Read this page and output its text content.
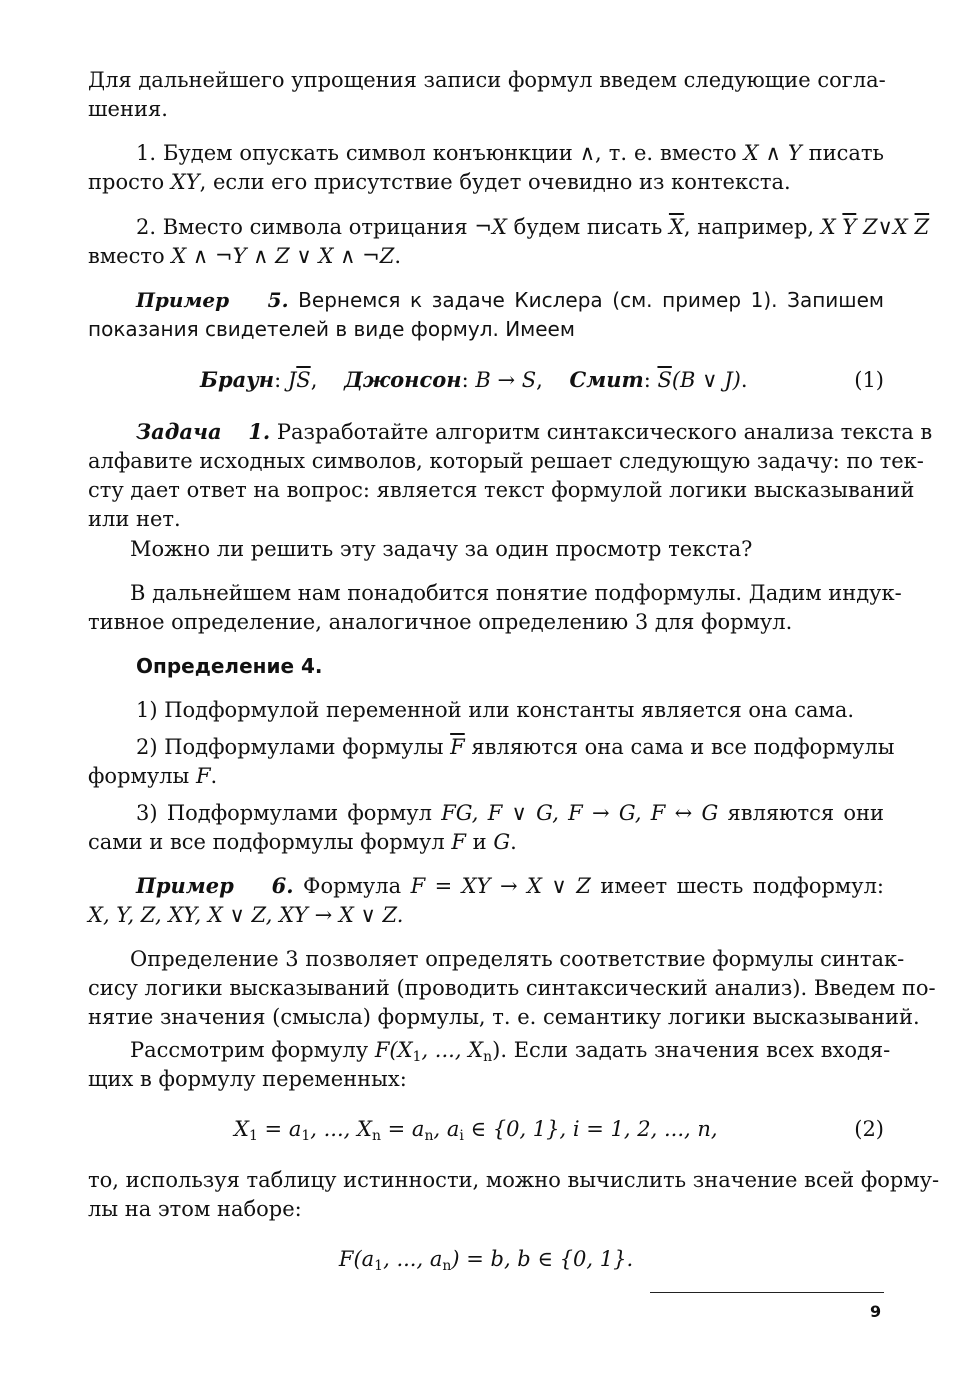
Для дальнейшего упрощения записи формул введем следующие согла-
шения.
1. Будем опускать символ конъюнкции ∧, т. е. вместо X ∧ Y писать
просто XY, если его присутствие будет очевидно из контекста.
2. Вместо символа отрицания ¬X будем писать $\overline{X}$, например, X $\overline{Y}$ Z∨X $\overline{Z}$
вместо X ∧ ¬Y ∧ Z ∨ X ∧ ¬Z.
Пример 5. Вернемся к задаче Кислера (см. пример 1). Запишем
показания свидетелей в виде формул. Имеем
Браун: $J\overline{S}$,    Джонсон: B → S,    Смит: $\overline{S}(B$ ∨ J).	(1)
Задача 1. Разработайте алгоритм синтаксического анализа текста в
алфавите исходных символов, который решает следующую задачу: по тек-
сту дает ответ на вопрос: является текст формулой логики высказываний
или нет.
Можно ли решить эту задачу за один просмотр текста?
В дальнейшем нам понадобится понятие подформулы. Дадим индук-
тивное определение, аналогичное определению 3 для формул.
Определение 4.
1) Подформулой переменной или константы является она сама.
2) Подформулами формулы $\overline{F}$ являются она сама и все подформулы
формулы F.
3) Подформулами формул FG, F ∨ G, F → G, F ↔ G являются они
сами и все подформулы формул F и G.
Пример 6. Формула F = XY → X ∨ Z имеет шесть подформул:
X, Y, Z, XY, X ∨ Z, XY → X ∨ Z.
Определение 3 позволяет определять соответствие формулы синтак-
сису логики высказываний (проводить синтаксический анализ). Введем по-
нятие значения (смысла) формулы, т. е. семантику логики высказываний.
Рассмотрим формулу $F(X_1$, ..., $X_n$). Если задать значения всех входя-
щих в формулу переменных:
$X_1 = a_1$, ..., $X_n = a_n$, $a_i$ ∈ {0, 1}, i = 1, 2, ..., n,	(2)
то, используя таблицу истинности, можно вычислить значение всей форму-
лы на этом наборе:
$F(a_1$, ..., $a_n) = b$, b ∈ {0, 1}.
9
